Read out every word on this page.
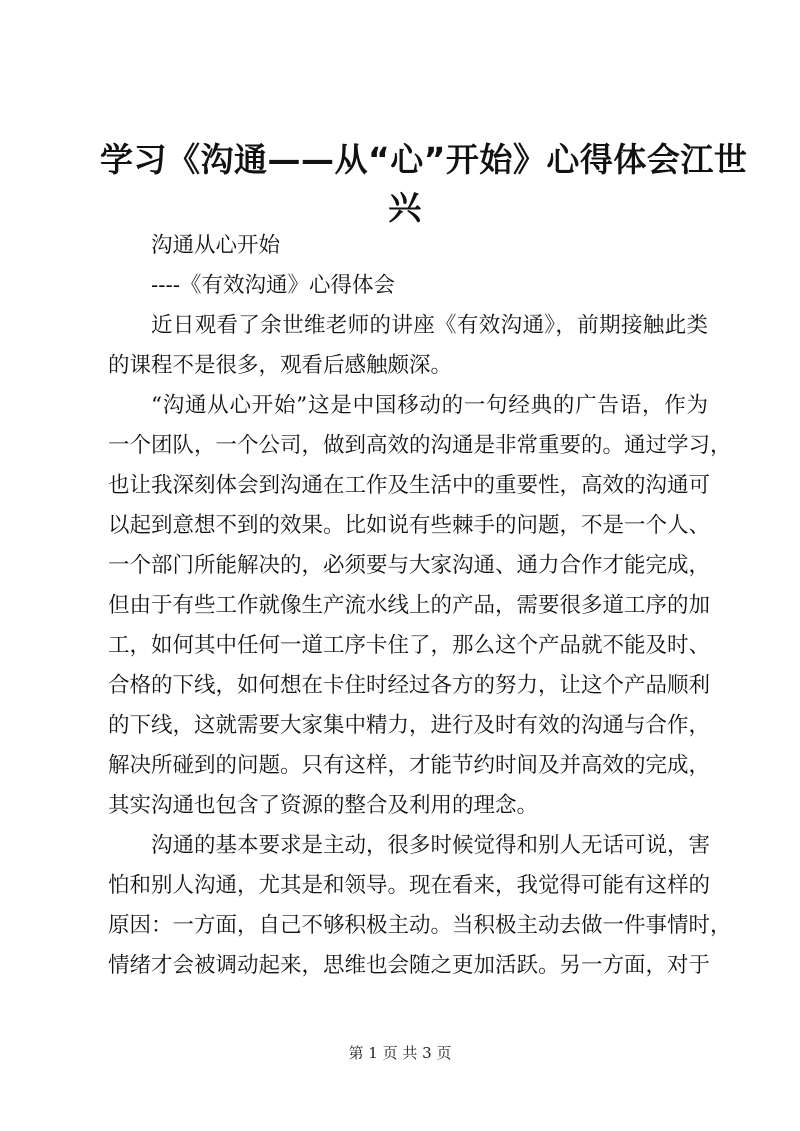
学习《沟通——从“心”开始》心得体会江世
兴
沟通从心开始
----《有效沟通》心得体会
近日观看了余世维老师的讲座《有效沟通》，前期接触此类
的课程不是很多，观看后感触颇深。
“沟通从心开始”这是中国移动的一句经典的广告语，作为
一个团队，一个公司，做到高效的沟通是非常重要的。通过学习，
也让我深刻体会到沟通在工作及生活中的重要性，高效的沟通可
以起到意想不到的效果。比如说有些棘手的问题，不是一个人、
一个部门所能解决的，必须要与大家沟通、通力合作才能完成，
但由于有些工作就像生产流水线上的产品，需要很多道工序的加
工，如何其中任何一道工序卡住了，那么这个产品就不能及时、
合格的下线，如何想在卡住时经过各方的努力，让这个产品顺利
的下线，这就需要大家集中精力，进行及时有效的沟通与合作，
解决所碰到的问题。只有这样，才能节约时间及并高效的完成，
其实沟通也包含了资源的整合及利用的理念。
沟通的基本要求是主动，很多时候觉得和别人无话可说，害
怕和别人沟通，尤其是和领导。现在看来，我觉得可能有这样的
原因：一方面，自己不够积极主动。当积极主动去做一件事情时，
情绪才会被调动起来，思维也会随之更加活跃。另一方面，对于
第 1 页 共 3 页
